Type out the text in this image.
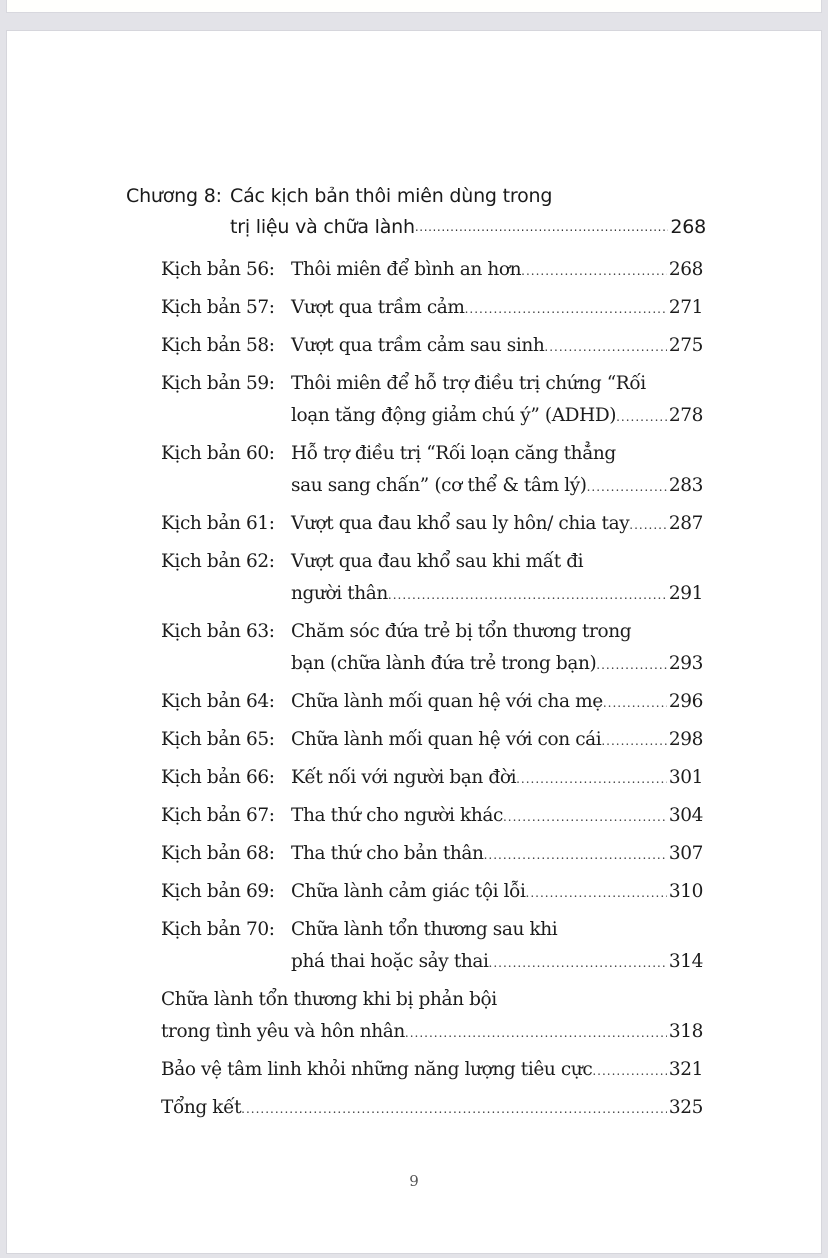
Chương 8: Các kịch bản thôi miên dùng trong
trị liệu và chữa lành .....	268
Kịch bản 56: Thôi miên để bình an hơn .....	268
Kịch bản 57: Vượt qua trầm cảm .....	271
Kịch bản 58: Vượt qua trầm cảm sau sinh .....	275
Kịch bản 59: Thôi miên để hỗ trợ điều trị chứng “Rối
loạn tăng động giảm chú ý” (ADHD) .....	278
Kịch bản 60: Hỗ trợ điều trị “Rối loạn căng thẳng
sau sang chấn” (cơ thể & tâm lý) .....	283
Kịch bản 61: Vượt qua đau khổ sau ly hôn/ chia tay ..... 287
Kịch bản 62: Vượt qua đau khổ sau khi mất đi
người thân .....	291
Kịch bản 63: Chăm sóc đứa trẻ bị tổn thương trong
bạn (chữa lành đứa trẻ trong bạn) .....	293
Kịch bản 64: Chữa lành mối quan hệ với cha mẹ .....	296
Kịch bản 65: Chữa lành mối quan hệ với con cái .....	298
Kịch bản 66: Kết nối với người bạn đời .....	301
Kịch bản 67: Tha thứ cho người khác .....	304
Kịch bản 68: Tha thứ cho bản thân .....	307
Kịch bản 69: Chữa lành cảm giác tội lỗi .....	310
Kịch bản 70: Chữa lành tổn thương sau khi
phá thai hoặc sảy thai .....	314
Chữa lành tổn thương khi bị phản bội
trong tình yêu và hôn nhân .....	318
Bảo vệ tâm linh khỏi những năng lượng tiêu cực .....	321
Tổng kết .....	325
9
